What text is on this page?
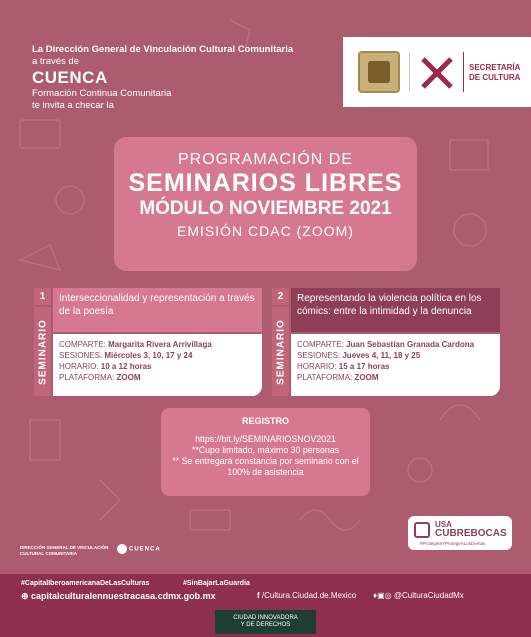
La Dirección General de Vinculación Cultural Comunitaria
a través de
CUENCA
Formación Continua Comunitaria
te invita a checar la
SECRETARÍA DE CULTURA
PROGRAMACIÓN DE
SEMINARIOS LIBRES
MÓDULO NOVIEMBRE 2021
EMISIÓN CDAC (ZOOM)
1
SEMINARIO
Interseccionalidad y representación a través de la poesía
COMPARTE: Margarita Rivera Arrivillaga
SESIONES: Miércoles 3, 10, 17 y 24
HORARIO: 10 a 12 horas
PLATAFORMA: ZOOM
2
SEMINARIO
Representando la violencia política en los cómics: entre la intimidad y la denuncia
COMPARTE: Juan Sebastian Granada Cardona
SESIONES: Jueves 4, 11, 18 y 25
HORARIO: 15 a 17 horas
PLATAFORMA: ZOOM
REGISTRO
https://bit.ly/SEMINARIOSNOV2021
**Cupo limitado, máximo 30 personas
** Se entregará constancia por seminario con el 100% de asistencia
USA
CUBREBOCAS
#ProtégeteYProtegeALosDemás
DIRECCIÓN GENERAL DE VINCULACIÓN CULTURAL COMUNITARIA
CUENCA
#CapitalIberoamericanaDeLasCulturas	#SinBajarLaGuardia
⊕ capitalculturalennuestracasa.cdmx.gob.mx	f /Cultura.Ciudad.de.Mexico ♦▣◎ @CulturaCiudadMx
CIUDAD INNOVADORA
Y DE DERECHOS
